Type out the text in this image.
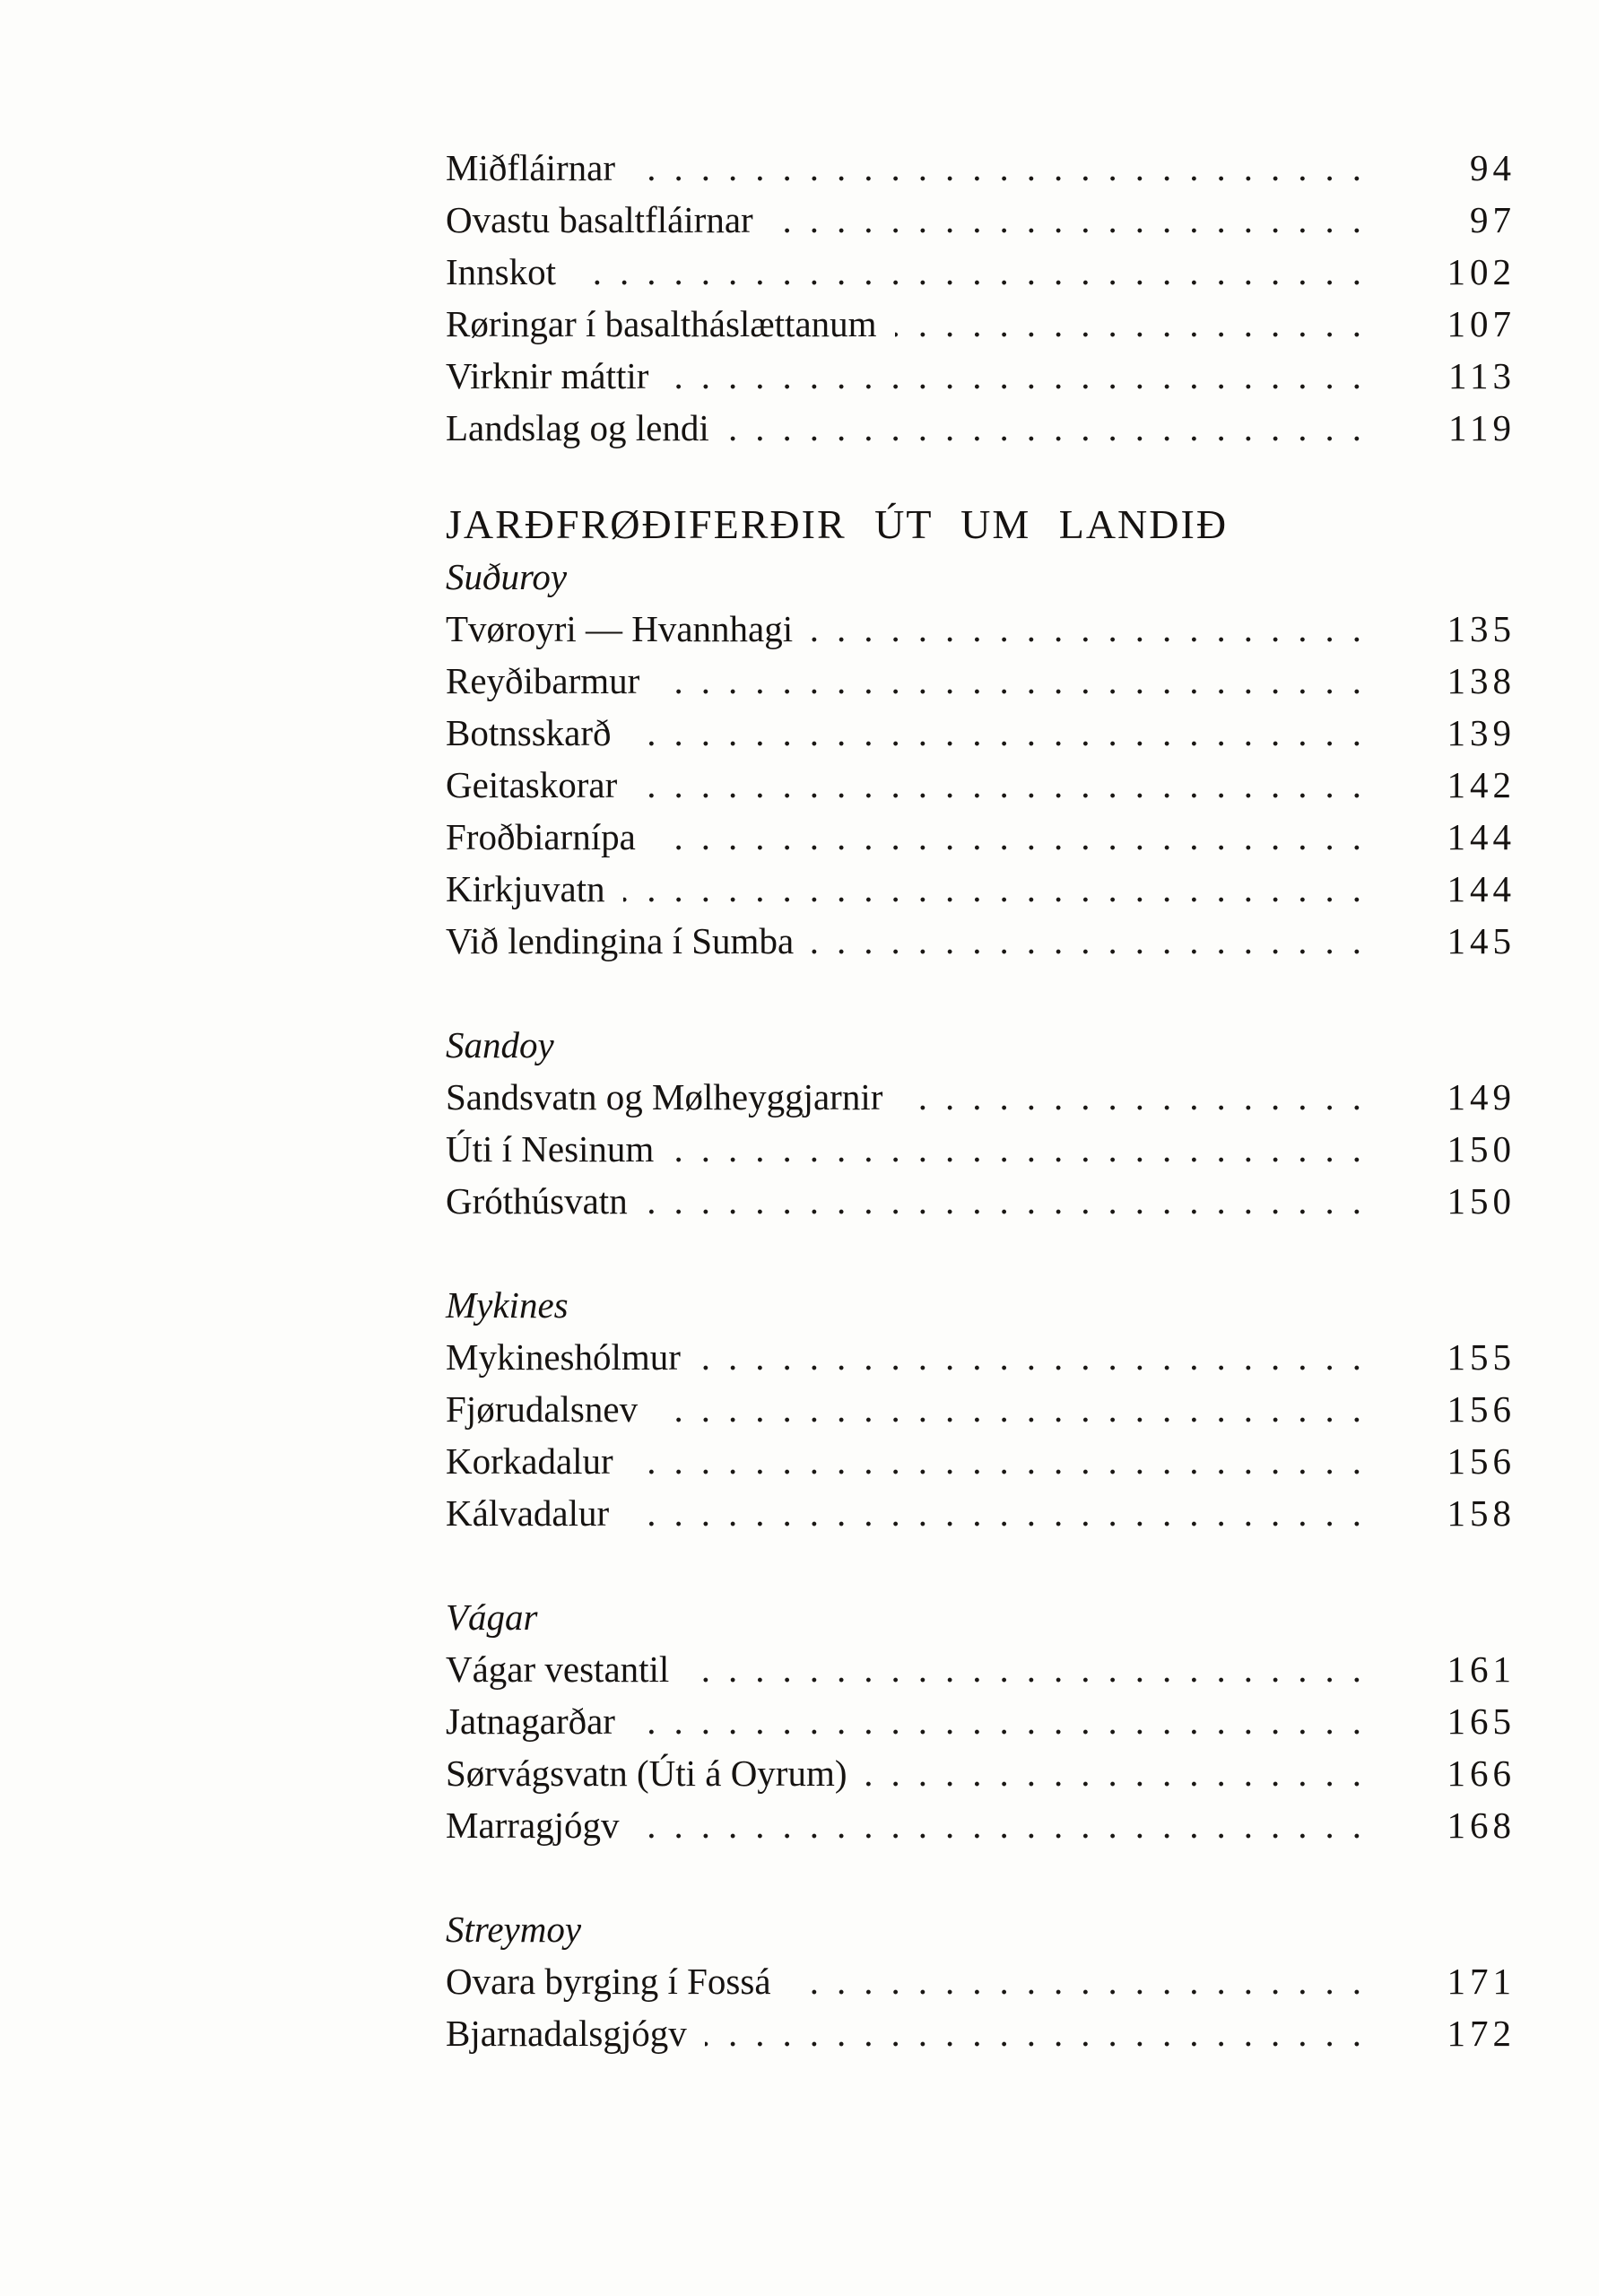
Miðfláirnar .....	94
Ovastu basaltfláirnar .....	97
Innskot .....	102
Røringar í basaltháslættanum .....	107
Virknir máttir .....	113
Landslag og lendi .....	119
JARÐFRØÐIFERÐIR ÚT UM LANDIÐ
Suðuroy
Tvøroyri — Hvannhagi .....	135
Reyðibarmur .....	138
Botnsskarð .....	139
Geitaskorar .....	142
Froðbiarnípa .....	144
Kirkjuvatn .....	144
Við lendingina í Sumba .....	145
Sandoy
Sandsvatn og Mølheyggjarnir .....	149
Úti í Nesinum .....	150
Gróthúsvatn .....	150
Mykines
Mykineshólmur .....	155
Fjørudalsnev .....	156
Korkadalur .....	156
Kálvadalur .....	158
Vágar
Vágar vestantil .....	161
Jatnagarðar .....	165
Sørvágsvatn (Úti á Oyrum) .....	166
Marragjógv .....	168
Streymoy
Ovara byrging í Fossá .....	171
Bjarnadalsgjógv .....	172
